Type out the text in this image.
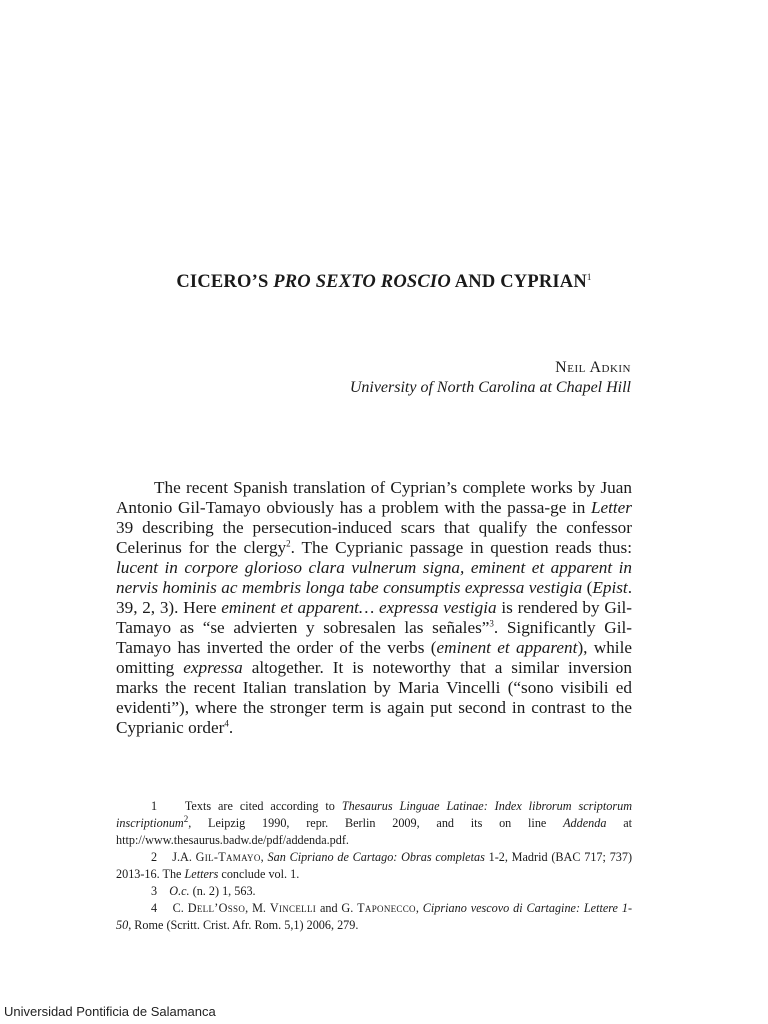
CICERO’S PRO SEXTO ROSCIO AND CYPRIAN$^1$
Neil Adkin
University of North Carolina at Chapel Hill

The recent Spanish translation of Cyprian’s complete works by Juan Antonio Gil-Tamayo obviously has a problem with the passa-ge in Letter 39 describing the persecution-induced scars that qualify the confessor Celerinus for the clergy$^2$. The Cyprianic passage in question reads thus: lucent in corpore glorioso clara vulnerum signa, eminent et apparent in nervis hominis ac membris longa tabe consumptis expressa vestigia (Epist. 39, 2, 3). Here eminent et apparent… expressa vestigia is rendered by Gil-Tamayo as “se advierten y sobresalen las señales”$^3$. Significantly Gil-Tamayo has inverted the order of the verbs (eminent et apparent), while omitting expressa altogether. It is noteworthy that a similar inversion marks the recent Italian translation by Maria Vincelli (“sono visibili ed evidenti”), where the stronger term is again put second in contrast to the Cyprianic order$^4$.

1 Texts are cited according to Thesaurus Linguae Latinae: Index librorum scriptorum inscriptionum$^2$, Leipzig 1990, repr. Berlin 2009, and its on line Addenda at http://www.thesaurus.badw.de/pdf/addenda.pdf.

2 J.A. Gil-Tamayo, San Cipriano de Cartago: Obras completas 1-2, Madrid (BAC 717; 737) 2013-16. The Letters conclude vol. 1.

3 O.c. (n. 2) 1, 563.

4 C. Dell’Osso, M. Vincelli and G. Taponecco, Cipriano vescovo di Cartagine: Lettere 1-50, Rome (Scritt. Crist. Afr. Rom. 5,1) 2006, 279.

Universidad Pontificia de Salamanca
